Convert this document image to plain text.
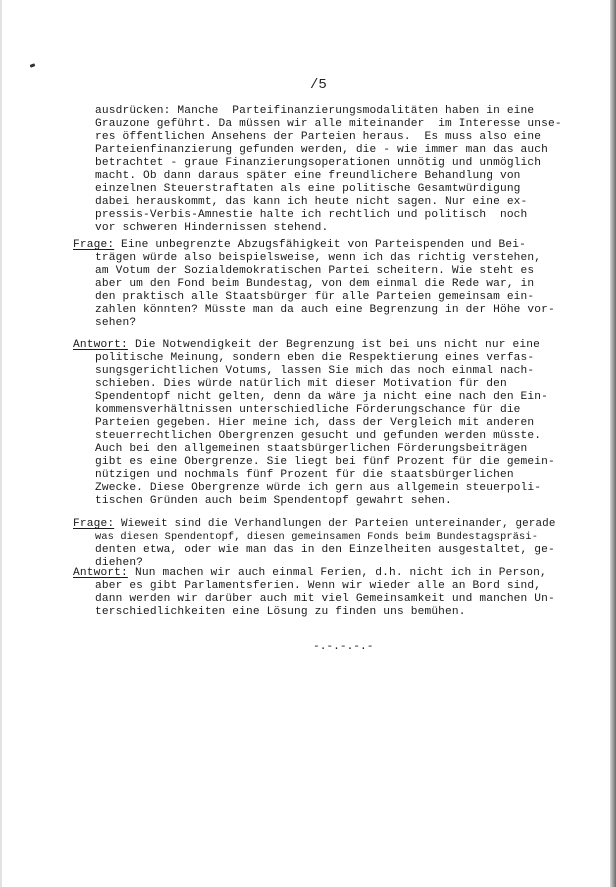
/5
ausdrücken: Manche  Parteifinanzierungsmodalitäten haben in eine
Grauzone geführt. Da müssen wir alle miteinander  im Interesse unse-
res öffentlichen Ansehens der Parteien heraus.  Es muss also eine
Parteienfinanzierung gefunden werden, die - wie immer man das auch
betrachtet - graue Finanzierungsoperationen unnötig und unmöglich
macht. Ob dann daraus später eine freundlichere Behandlung von
einzelnen Steuerstraftaten als eine politische Gesamtwürdigung
dabei herauskommt, das kann ich heute nicht sagen. Nur eine ex-
pressis-Verbis-Amnestie halte ich rechtlich und politisch  noch
vor schweren Hindernissen stehend.
Frage: Eine unbegrenzte Abzugsfähigkeit von Parteispenden und Bei-
trägen würde also beispielsweise, wenn ich das richtig verstehen,
am Votum der Sozialdemokratischen Partei scheitern. Wie steht es
aber um den Fond beim Bundestag, von dem einmal die Rede war, in
den praktisch alle Staatsbürger für alle Parteien gemeinsam ein-
zahlen könnten? Müsste man da auch eine Begrenzung in der Höhe vor-
sehen?
Antwort: Die Notwendigkeit der Begrenzung ist bei uns nicht nur eine
politische Meinung, sondern eben die Respektierung eines verfas-
sungsgerichtlichen Votums, lassen Sie mich das noch einmal nach-
schieben. Dies würde natürlich mit dieser Motivation für den
Spendentopf nicht gelten, denn da wäre ja nicht eine nach den Ein-
kommensverhältnissen unterschiedliche Förderungschance für die
Parteien gegeben. Hier meine ich, dass der Vergleich mit anderen
steuerrechtlichen Obergrenzen gesucht und gefunden werden müsste.
Auch bei den allgemeinen staatsbürgerlichen Förderungsbeiträgen
gibt es eine Obergrenze. Sie liegt bei fünf Prozent für die gemein-
nützigen und nochmals fünf Prozent für die staatsbürgerlichen
Zwecke. Diese Obergrenze würde ich gern aus allgemein steuerpoli-
tischen Gründen auch beim Spendentopf gewahrt sehen.
Frage: Wieweit sind die Verhandlungen der Parteien untereinander, gerade
was diesen Spendentopf, diesen gemeinsamen Fonds beim Bundestagspräsi-
denten etwa, oder wie man das in den Einzelheiten ausgestaltet, ge-
diehen?
Antwort: Nun machen wir auch einmal Ferien, d.h. nicht ich in Person,
aber es gibt Parlamentsferien. Wenn wir wieder alle an Bord sind,
dann werden wir darüber auch mit viel Gemeinsamkeit und manchen Un-
terschiedlichkeiten eine Lösung zu finden uns bemühen.
-.-.-.-.-
